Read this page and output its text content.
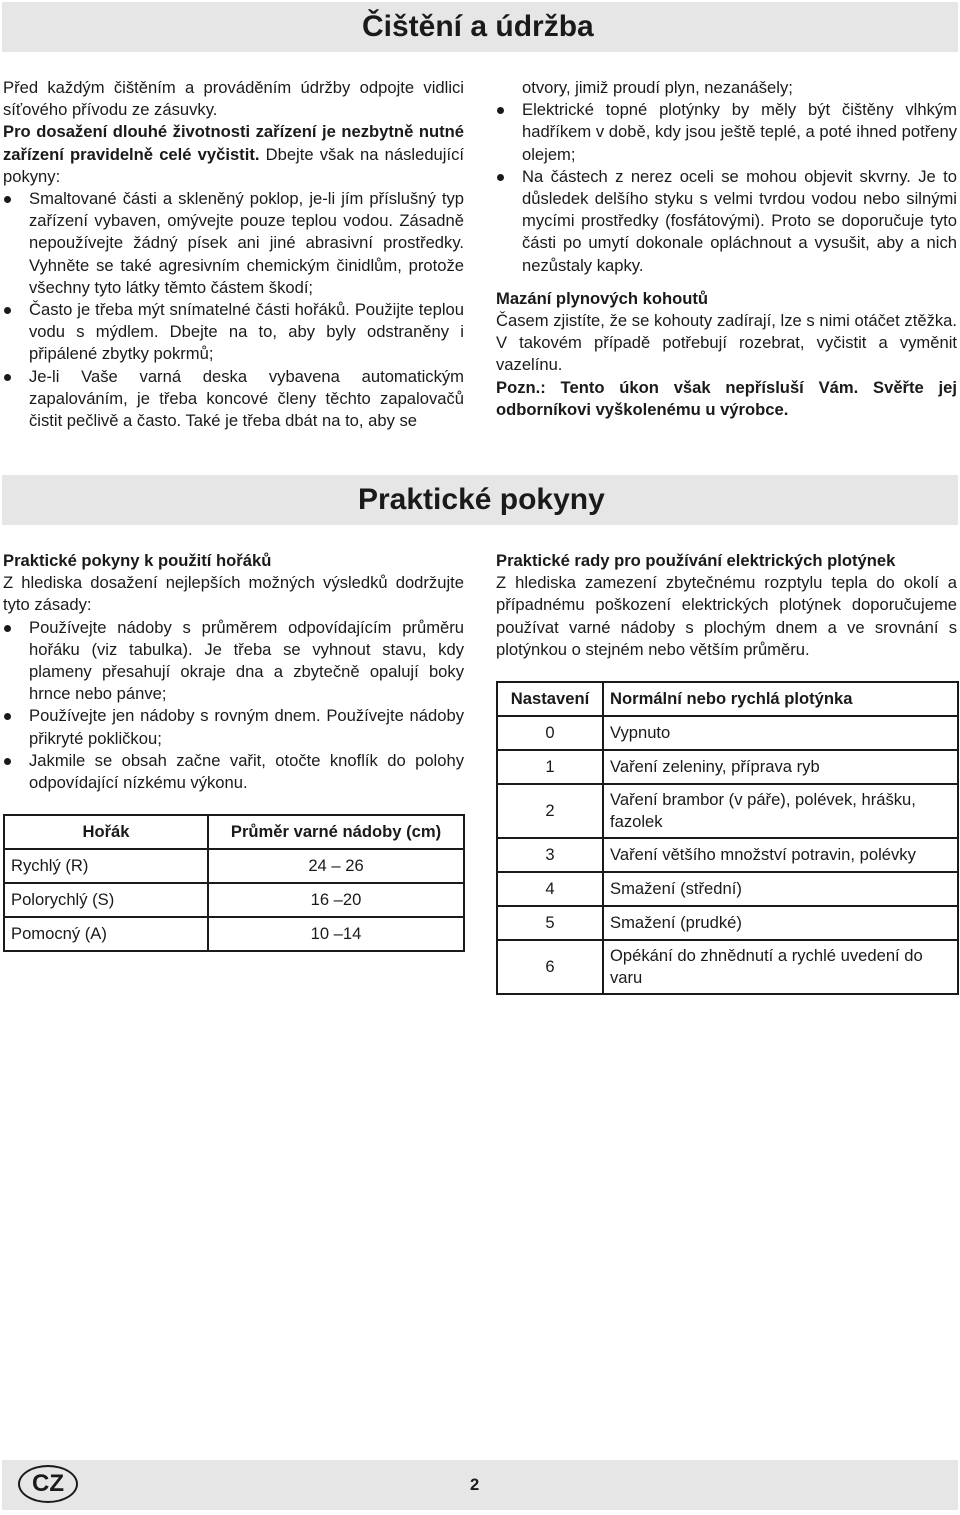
Čištění a údržba

Před každým čištěním a prováděním údržby odpojte vidlici síťového přívodu ze zásuvky.

Pro dosažení dlouhé životnosti zařízení je nezbytně nutné zařízení pravidelně celé vyčistit. Dbejte však na následující pokyny:

Smaltované části a skleněný poklop, je-li jím příslušný typ zařízení vybaven, omývejte pouze teplou vodou. Zásadně nepoužívejte žádný písek ani jiné abrasivní prostředky. Vyhněte se také agresivním chemickým činidlům, protože všechny tyto látky těmto částem škodí;
Často je třeba mýt snímatelné části hořáků. Použijte teplou vodu s mýdlem. Dbejte na to, aby byly odstraněny i připálené zbytky pokrmů;
Je-li Vaše varná deska vybavena automatickým zapalováním, je třeba koncové členy těchto zapalovačů čistit pečlivě a často. Také je třeba dbát na to, aby se
otvory, jimiž proudí plyn, nezanášely;
Elektrické topné plotýnky by měly být čištěny vlhkým hadříkem v době, kdy jsou ještě teplé, a poté ihned potřeny olejem;
Na částech z nerez oceli se mohou objevit skvrny. Je to důsledek delšího styku s velmi tvrdou vodou nebo silnými mycími prostředky (fosfátovými). Proto se doporučuje tyto části po umytí dokonale opláchnout a vysušit, aby a nich nezůstaly kapky.

Mazání plynových kohoutů

Časem zjistíte, že se kohouty zadírají, lze s nimi otáčet ztěžka. V takovém případě potřebují rozebrat, vyčistit a vyměnit vazelínu.

Pozn.: Tento úkon však nepřísluší Vám. Svěřte jej odborníkovi vyškolenému u výrobce.

Praktické pokyny

Praktické pokyny k použití hořáků

Z hlediska dosažení nejlepších možných výsledků dodržujte tyto zásady:

Používejte nádoby s průměrem odpovídajícím průměru hořáku (viz tabulka). Je třeba se vyhnout stavu, kdy plameny přesahují okraje dna a zbytečně opalují boky hrnce nebo pánve;
Používejte jen nádoby s rovným dnem. Používejte nádoby přikryté pokličkou;
Jakmile se obsah začne vařit, otočte knoflík do polohy odpovídající nízkému výkonu.
Hořák	Průměr varné nádoby (cm)
Rychlý (R)	24 – 26
Polorychlý (S)	16 –20
Pomocný (A)	10 –14

Praktické rady pro používání elektrických plotýnek

Z hlediska zamezení zbytečnému rozptylu tepla do okolí a případnému poškození elektrických plotýnek doporučujeme používat varné nádoby s plochým dnem a ve srovnání s plotýnkou o stejném nebo větším průměru.

Nastavení	Normální nebo rychlá plotýnka
0	Vypnuto
1	Vaření zeleniny, příprava ryb
2	Vaření brambor (v páře), polévek, hrášku, fazolek
3	Vaření většího množství potravin, polévky
4	Smažení (střední)
5	Smažení (prudké)
6	Opékání do zhnědnutí a rychlé uvedení do varu
CZ	2
